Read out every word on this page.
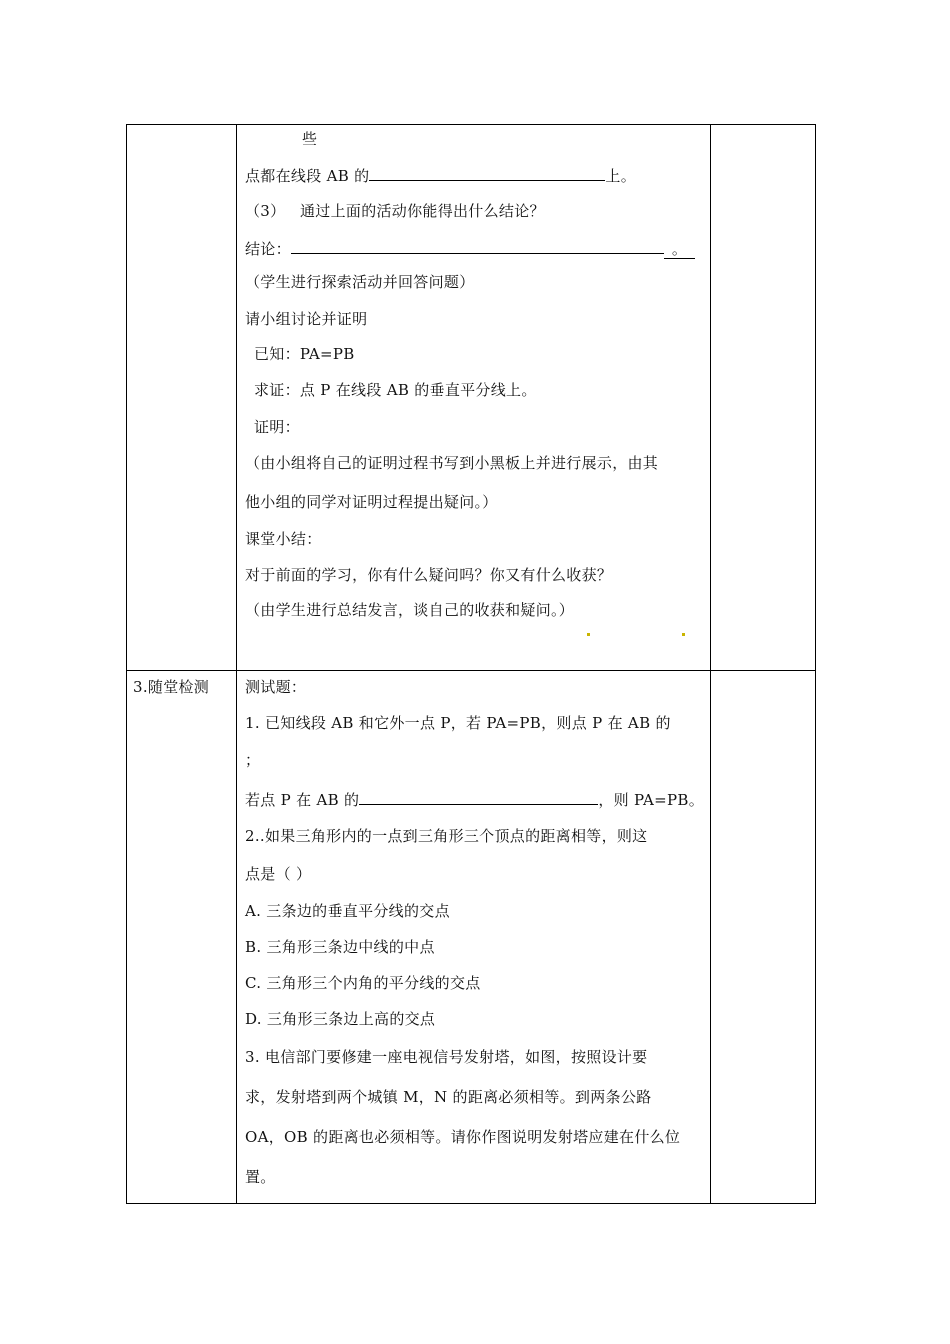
些
点都在线段 AB 的	上。
（3） 通过上面的活动你能得出什么结论？
结论：	。
（学生进行探索活动并回答问题）
请小组讨论并证明
已知：PA=PB
求证：点 P 在线段 AB 的垂直平分线上。
证明：
（由小组将自己的证明过程书写到小黑板上并进行展示，由其
他小组的同学对证明过程提出疑问。）
课堂小结：
对于前面的学习，你有什么疑问吗？你又有什么收获？
（由学生进行总结发言，谈自己的收获和疑问。）
3.随堂检测 测试题：
1. 已知线段 AB 和它外一点 P，若 PA=PB，则点 P 在 AB 的
；
若点 P 在 AB 的	，则 PA=PB。
2..如果三角形内的一点到三角形三个顶点的距离相等，则这
点是（ ）
A. 三条边的垂直平分线的交点
B. 三角形三条边中线的中点
C. 三角形三个内角的平分线的交点
D. 三角形三条边上高的交点
3. 电信部门要修建一座电视信号发射塔，如图，按照设计要
求，发射塔到两个城镇 M，N 的距离必须相等。到两条公路
OA，OB 的距离也必须相等。请你作图说明发射塔应建在什么位
置。
